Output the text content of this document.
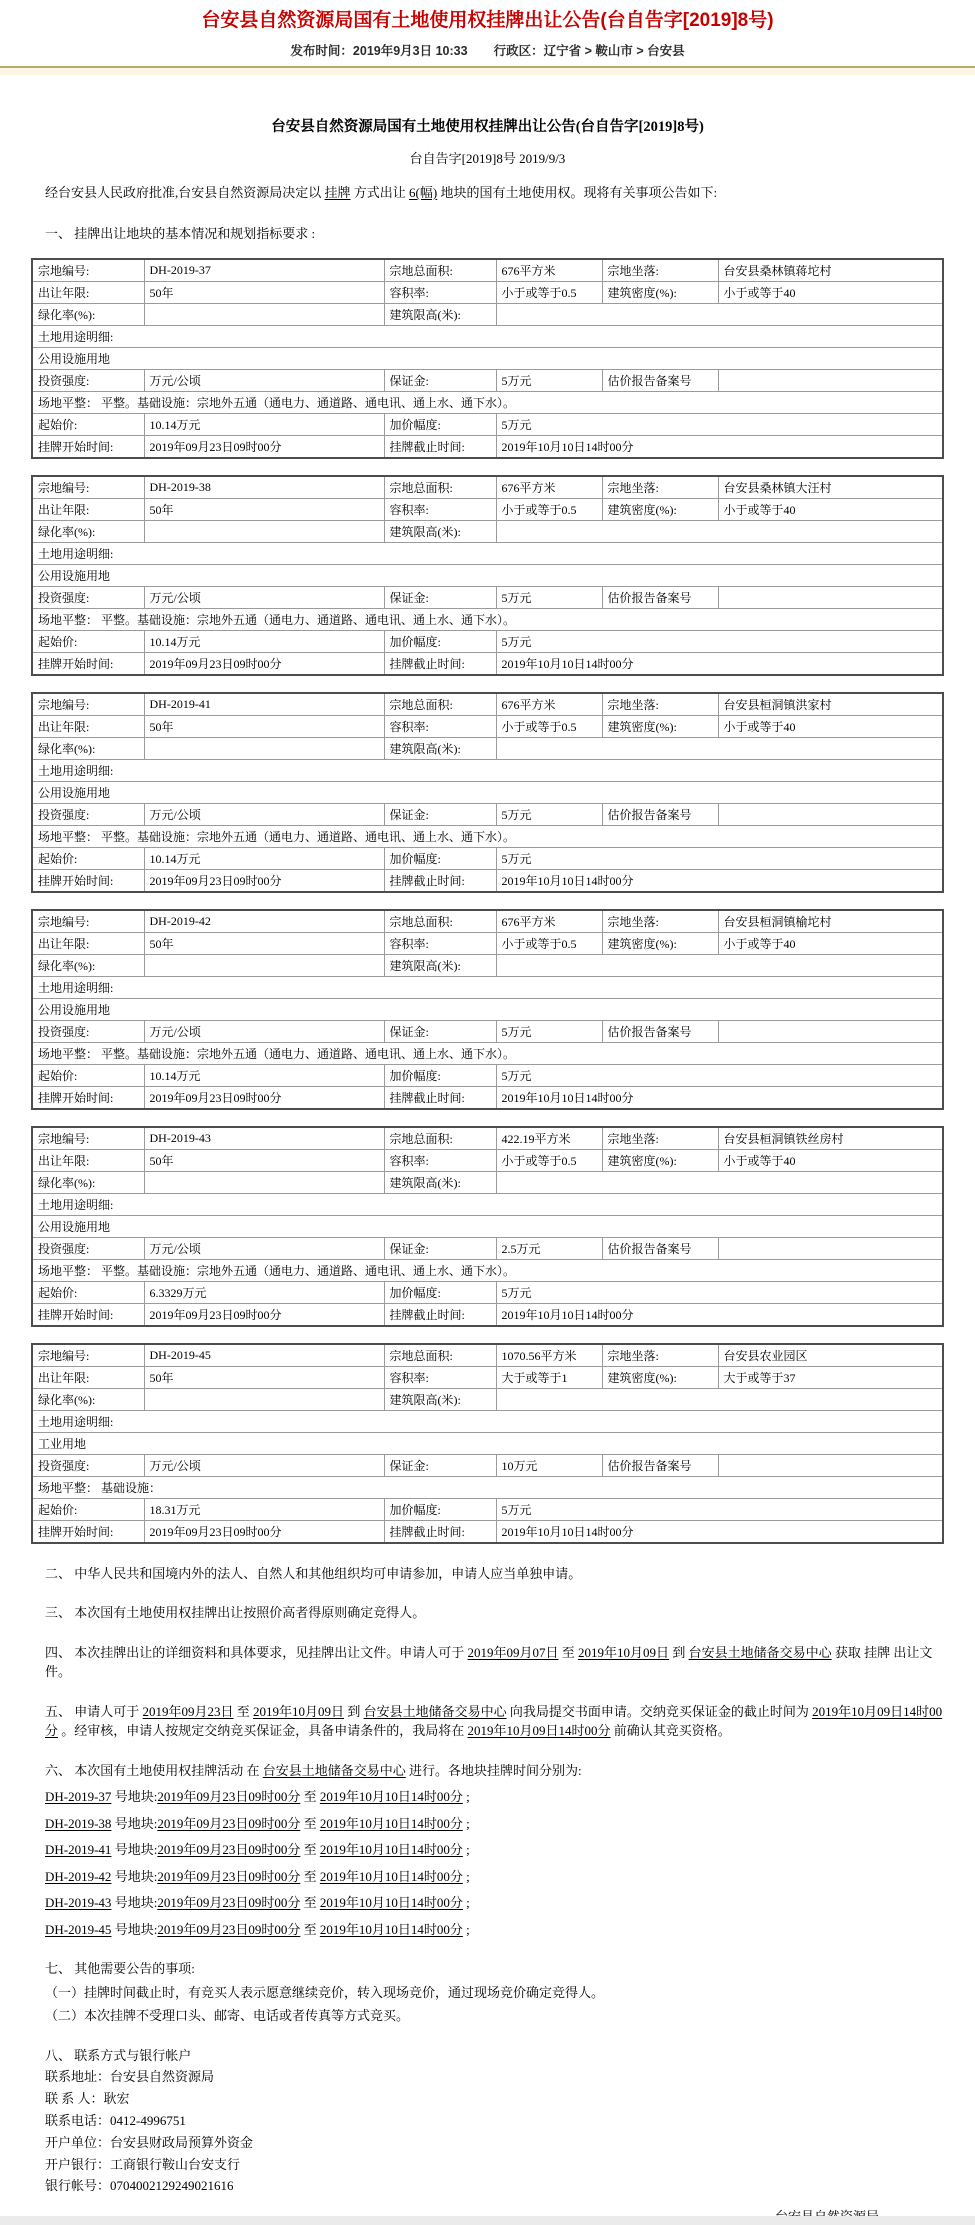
台安县自然资源局国有土地使用权挂牌出让公告(台自告字[2019]8号)
发布时间：2019年9月3日 10:33 行政区：辽宁省 > 鞍山市 > 台安县
台安县自然资源局国有土地使用权挂牌出让公告(台自告字[2019]8号)
台自告字[2019]8号 2019/9/3

经台安县人民政府批准,台安县自然资源局决定以 挂牌 方式出让 6(幅) 地块的国有土地使用权。现将有关事项公告如下:

一、 挂牌出让地块的基本情况和规划指标要求 :

宗地编号:	DH-2019-37	宗地总面积:	676平方米	宗地坐落:	台安县桑林镇蒋坨村
出让年限:	50年	容积率:	小于或等于0.5	建筑密度(%):	小于或等于40
绿化率(%):		建筑限高(米):			
土地用途明细:					
公用设施用地					
投资强度:	万元/公顷	保证金:	5万元	估价报告备案号	
场地平整： 平整。基础设施：宗地外五通（通电力、通道路、通电讯、通上水、通下水）。					
起始价:	10.14万元	加价幅度:	5万元		
挂牌开始时间:	2019年09月23日09时00分	挂牌截止时间:	2019年10月10日14时00分		
宗地编号:	DH-2019-38	宗地总面积:	676平方米	宗地坐落:	台安县桑林镇大汪村
出让年限:	50年	容积率:	小于或等于0.5	建筑密度(%):	小于或等于40
绿化率(%):		建筑限高(米):			
土地用途明细:					
公用设施用地					
投资强度:	万元/公顷	保证金:	5万元	估价报告备案号	
场地平整： 平整。基础设施：宗地外五通（通电力、通道路、通电讯、通上水、通下水）。					
起始价:	10.14万元	加价幅度:	5万元		
挂牌开始时间:	2019年09月23日09时00分	挂牌截止时间:	2019年10月10日14时00分		
宗地编号:	DH-2019-41	宗地总面积:	676平方米	宗地坐落:	台安县桓洞镇洪家村
出让年限:	50年	容积率:	小于或等于0.5	建筑密度(%):	小于或等于40
绿化率(%):		建筑限高(米):			
土地用途明细:					
公用设施用地					
投资强度:	万元/公顷	保证金:	5万元	估价报告备案号	
场地平整： 平整。基础设施：宗地外五通（通电力、通道路、通电讯、通上水、通下水）。					
起始价:	10.14万元	加价幅度:	5万元		
挂牌开始时间:	2019年09月23日09时00分	挂牌截止时间:	2019年10月10日14时00分		
宗地编号:	DH-2019-42	宗地总面积:	676平方米	宗地坐落:	台安县桓洞镇榆坨村
出让年限:	50年	容积率:	小于或等于0.5	建筑密度(%):	小于或等于40
绿化率(%):		建筑限高(米):			
土地用途明细:					
公用设施用地					
投资强度:	万元/公顷	保证金:	5万元	估价报告备案号	
场地平整： 平整。基础设施：宗地外五通（通电力、通道路、通电讯、通上水、通下水）。					
起始价:	10.14万元	加价幅度:	5万元		
挂牌开始时间:	2019年09月23日09时00分	挂牌截止时间:	2019年10月10日14时00分		
宗地编号:	DH-2019-43	宗地总面积:	422.19平方米	宗地坐落:	台安县桓洞镇铁丝房村
出让年限:	50年	容积率:	小于或等于0.5	建筑密度(%):	小于或等于40
绿化率(%):		建筑限高(米):			
土地用途明细:					
公用设施用地					
投资强度:	万元/公顷	保证金:	2.5万元	估价报告备案号	
场地平整： 平整。基础设施：宗地外五通（通电力、通道路、通电讯、通上水、通下水）。					
起始价:	6.3329万元	加价幅度:	5万元		
挂牌开始时间:	2019年09月23日09时00分	挂牌截止时间:	2019年10月10日14时00分		
宗地编号:	DH-2019-45	宗地总面积:	1070.56平方米	宗地坐落:	台安县农业园区
出让年限:	50年	容积率:	大于或等于1	建筑密度(%):	大于或等于37
绿化率(%):		建筑限高(米):			
土地用途明细:					
工业用地					
投资强度:	万元/公顷	保证金:	10万元	估价报告备案号	
场地平整： 基础设施：					
起始价:	18.31万元	加价幅度:	5万元		
挂牌开始时间:	2019年09月23日09时00分	挂牌截止时间:	2019年10月10日14时00分		

二、 中华人民共和国境内外的法人、自然人和其他组织均可申请参加，申请人应当单独申请。

三、 本次国有土地使用权挂牌出让按照价高者得原则确定竞得人。

四、 本次挂牌出让的详细资料和具体要求，见挂牌出让文件。申请人可于 2019年09月07日 至 2019年10月09日 到 台安县土地储备交易中心 获取 挂牌 出让文件。

五、 申请人可于 2019年09月23日 至 2019年10月09日 到 台安县土地储备交易中心 向我局提交书面申请。交纳竞买保证金的截止时间为 2019年10月09日14时00分 。经审核，申请人按规定交纳竞买保证金，具备申请条件的，我局将在 2019年10月09日14时00分 前确认其竞买资格。

六、 本次国有土地使用权挂牌活动 在 台安县土地储备交易中心 进行。各地块挂牌时间分别为:

DH-2019-37 号地块:2019年09月23日09时00分 至 2019年10月10日14时00分 ;
DH-2019-38 号地块:2019年09月23日09时00分 至 2019年10月10日14时00分 ;
DH-2019-41 号地块:2019年09月23日09时00分 至 2019年10月10日14时00分 ;
DH-2019-42 号地块:2019年09月23日09时00分 至 2019年10月10日14时00分 ;
DH-2019-43 号地块:2019年09月23日09时00分 至 2019年10月10日14时00分 ;
DH-2019-45 号地块:2019年09月23日09时00分 至 2019年10月10日14时00分 ;

七、 其他需要公告的事项:

（一）挂牌时间截止时，有竞买人表示愿意继续竞价，转入现场竞价，通过现场竞价确定竞得人。

（二）本次挂牌不受理口头、邮寄、电话或者传真等方式竞买。

八、 联系方式与银行帐户

联系地址：台安县自然资源局
联 系 人：耿宏
联系电话：0412-4996751
开户单位：台安县财政局预算外资金
开户银行：工商银行鞍山台安支行
银行帐号：0704002129249021616
